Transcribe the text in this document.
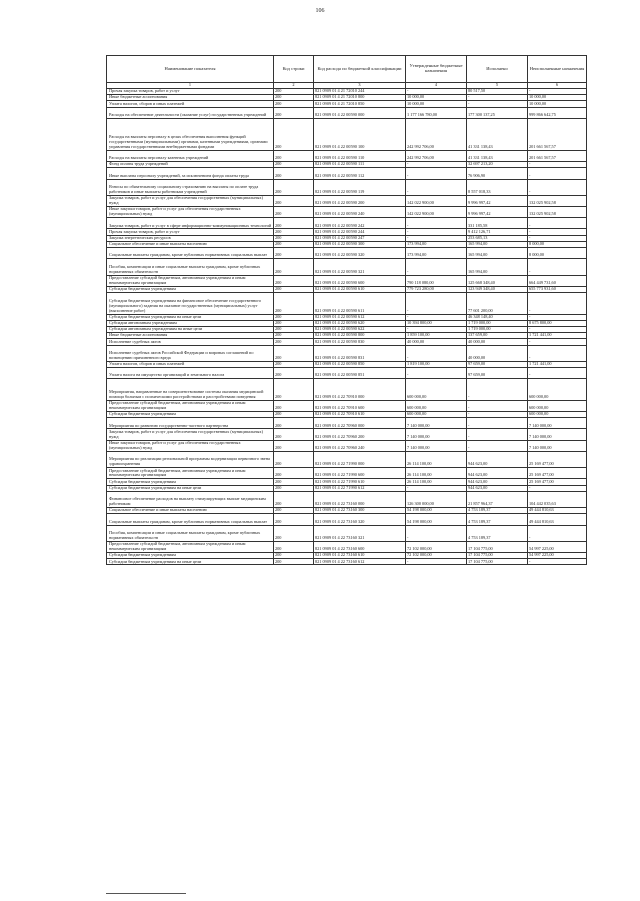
106
Наименование показателя	Код строки	Код расхода по бюджетной классификации	Утвержденные бюджетные назначения	Исполнено	Неисполненные назначения
1	2	3	4	5	6
Прочая закупка товаров, работ и услуг	200	821 0909 01 4 21 72010 244	-	80 517,50	-
Иные бюджетные ассигнования	200	821 0909 01 4 21 72010 800	10 000,00	-	10 000,00
Уплата налогов, сборов и иных платежей	200	821 0909 01 4 21 72010 850	10 000,00	-	10 000,00
Расходы на обеспечение деятельности (оказание услуг) государственных учреждений	200	821 0909 01 4 22 00590 000	1 177 166 780,00	177 300 137,25	999 866 642,75
Расходы на выплаты персоналу в целях обеспечения выполнения функций государственными (муниципальными) органами, казенными учреждениями, органами управления государственными внебюджетными фондами	200	821 0909 01 4 22 00590 100	242 992 706,00	41 331 138,43	201 661 567,57
Расходы на выплаты персоналу казенных учреждений	200	821 0909 01 4 22 00590 110	242 992 706,00	41 331 138,43	201 661 567,57
Фонд оплаты труда учреждений	200	821 0909 01 4 22 00590 111	-	32 697 213,20	-
Иные выплаты персоналу учреждений, за исключением фонда оплаты труда	200	821 0909 01 4 22 00590 112	-	76 906,90	-
Взносы по обязательному социальному страхованию на выплаты по оплате труда работников и иные выплаты работникам учреждений	200	821 0909 01 4 22 00590 119	-	8 557 018,33	-
Закупка товаров, работ и услуг для обеспечения государственных (муниципальных) нужд	200	821 0909 01 4 22 00590 200	142 022 900,00	9 996 997,42	132 025 902,58
Иные закупки товаров, работ и услуг для обеспечения государственных (муниципальных) нужд	200	821 0909 01 4 22 00590 240	142 022 900,00	9 996 997,42	132 025 902,58
Закупка товаров, работ и услуг в сфере информационно-коммуникационных технологий	200	821 0909 01 4 22 00590 242	-	331 185,58	-
Прочая закупка товаров, работ и услуг	200	821 0909 01 4 22 00590 244	-	9 412 126,71	-
Закупка энергетических ресурсов	200	821 0909 01 4 22 00590 247	-	253 685,13	-
Социальное обеспечение и иные выплаты населению	200	821 0909 01 4 22 00590 300	173 994,00	165 994,00	8 000,00
Социальные выплаты гражданам, кроме публичных нормативных социальных выплат	200	821 0909 01 4 22 00590 320	173 994,00	165 994,00	8 000,00
Пособия, компенсации и иные социальные выплаты гражданам, кроме публичных нормативных обязательств	200	821 0909 01 4 22 00590 321	-	165 994,00	-
Предоставление субсидий бюджетным, автономным учреждениям и иным некоммерческим организациям	200	821 0909 01 4 22 00590 600	790 118 080,00	125 668 348,40	664 449 731,60
Субсидии бюджетным учреждениям	200	821 0909 01 4 22 00590 610	779 723 280,00	123 949 348,40	655 773 931,60
Субсидии бюджетным учреждениям на финансовое обеспечение государственного (муниципального) задания на оказание государственных (муниципальных) услуг (выполнение работ)	200	821 0909 01 4 22 00590 611	-	77 601 200,00	-
Субсидии бюджетным учреждениям на иные цели	200	821 0909 01 4 22 00590 612	-	46 348 148,40	-
Субсидии автономным учреждениям	200	821 0909 01 4 22 00590 620	10 394 800,00	1 719 000,00	8 675 800,00
Субсидии автономным учреждениям на иные цели	200	821 0909 01 4 22 00590 622	-	1 719 000,00	-
Иные бюджетные ассигнования	200	821 0909 01 4 22 00590 800	1 859 100,00	137 659,00	1 721 441,00
Исполнение судебных актов	200	821 0909 01 4 22 00590 830	40 000,00	40 000,00	-
Исполнение судебных актов Российской Федерации и мировых соглашений по возмещению причиненного вреда	200	821 0909 01 4 22 00590 831	-	40 000,00	-
Уплата налогов, сборов и иных платежей	200	821 0909 01 4 22 00590 850	1 819 100,00	97 659,00	1 721 441,00
Уплата налога на имущество организаций и земельного налога	200	821 0909 01 4 22 00590 851	-	97 659,00	-
Мероприятия, направленные на совершенствование системы оказания медицинской помощи больным с психическими расстройствами и расстройствами поведения	200	821 0909 01 4 22 70910 000	600 000,00	-	600 000,00
Предоставление субсидий бюджетным, автономным учреждениям и иным некоммерческим организациям	200	821 0909 01 4 22 70910 600	600 000,00	-	600 000,00
Субсидии бюджетным учреждениям	200	821 0909 01 4 22 70910 610	600 000,00	-	600 000,00
Мероприятия по развитию государственно-частного партнерства	200	821 0909 01 4 22 70960 000	7 140 000,00	-	7 140 000,00
Закупка товаров, работ и услуг для обеспечения государственных (муниципальных) нужд	200	821 0909 01 4 22 70960 200	7 140 000,00	-	7 140 000,00
Иные закупки товаров, работ и услуг для обеспечения государственных (муниципальных) нужд	200	821 0909 01 4 22 70960 240	7 140 000,00	-	7 140 000,00
Мероприятия по реализации региональной программы модернизации первичного звена здравоохранения	200	821 0909 01 4 22 71990 000	26 114 100,00	944 623,00	25 169 477,00
Предоставление субсидий бюджетным, автономным учреждениям и иным некоммерческим организациям	200	821 0909 01 4 22 71990 600	26 114 100,00	944 623,00	25 169 477,00
Субсидии бюджетным учреждениям	200	821 0909 01 4 22 71990 610	26 114 100,00	944 623,00	25 169 477,00
Субсидии бюджетным учреждениям на иные цели	200	821 0909 01 4 22 71990 612	-	944 623,00	-
Финансовое обеспечение расходов на выплату стимулирующих выплат медицинским работникам	200	821 0909 01 4 22 73160 000	126 300 000,00	21 857 964,37	104 442 035,63
Социальное обеспечение и иные выплаты населению	200	821 0909 01 4 22 73160 300	54 198 000,00	4 753 189,37	49 444 810,63
Социальные выплаты гражданам, кроме публичных нормативных социальных выплат	200	821 0909 01 4 22 73160 320	54 198 000,00	4 753 189,37	49 444 810,63
Пособия, компенсации и иные социальные выплаты гражданам, кроме публичных нормативных обязательств	200	821 0909 01 4 22 73160 321	-	4 753 189,37	-
Предоставление субсидий бюджетным, автономным учреждениям и иным некоммерческим организациям	200	821 0909 01 4 22 73160 600	72 102 000,00	17 104 775,00	54 997 225,00
Субсидии бюджетным учреждениям	200	821 0909 01 4 22 73160 610	72 102 000,00	17 104 775,00	54 997 225,00
Субсидии бюджетным учреждениям на иные цели	200	821 0909 01 4 22 73160 612	-	17 104 775,00	-
